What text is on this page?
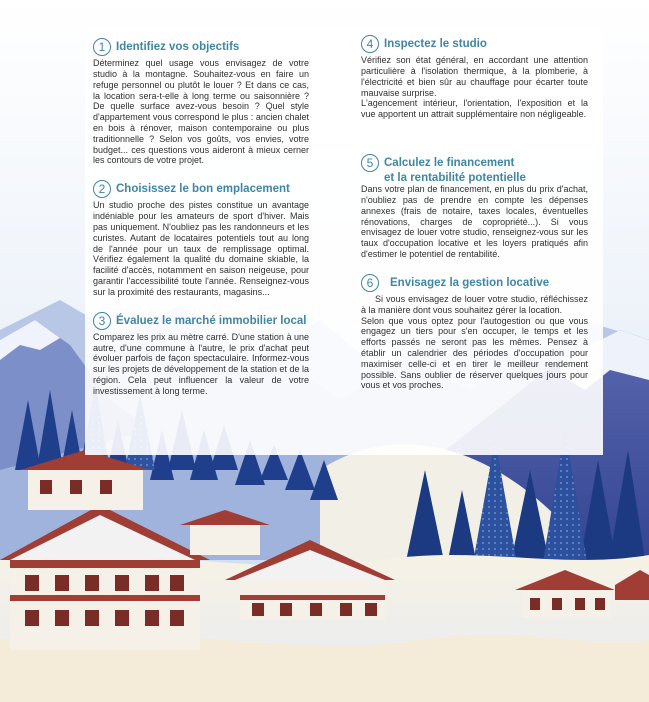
1 Identifiez vos objectifs

Déterminez quel usage vous envisagez de votre studio à la montagne. Souhaitez-vous en faire un refuge personnel ou plutôt le louer ? Et dans ce cas, la location sera-t-elle à long terme ou saisonnière ? De quelle surface avez-vous besoin ? Quel style d'appartement vous correspond le plus : ancien chalet en bois à rénover, maison contemporaine ou plus traditionnelle ? Selon vos goûts, vos envies, votre budget... ces questions vous aideront à mieux cerner les contours de votre projet.

2 Choisissez le bon emplacement

Un studio proche des pistes constitue un avantage indéniable pour les amateurs de sport d'hiver. Mais pas uniquement. N'oubliez pas les randonneurs et les curistes. Autant de locataires potentiels tout au long de l'année pour un taux de remplissage optimal. Vérifiez également la qualité du domaine skiable, la facilité d'accès, notamment en saison neigeuse, pour garantir l'accessibilité toute l'année. Renseignez-vous sur la proximité des restaurants, magasins...

3 Évaluez le marché immobilier local

Comparez les prix au mètre carré. D'une station à une autre, d'une commune à l'autre, le prix d'achat peut évoluer parfois de façon spectaculaire. Informez-vous sur les projets de développement de la station et de la région. Cela peut influencer la valeur de votre investissement à long terme.

4 Inspectez le studio

Vérifiez son état général, en accordant une attention particulière à l'isolation thermique, à la plomberie, à l'électricité et bien sûr au chauffage pour écarter toute mauvaise surprise.

L'agencement intérieur, l'orientation, l'exposition et la vue apportent un attrait supplémentaire non négligeable.

5 Calculez le financement
et la rentabilité potentielle

Dans votre plan de financement, en plus du prix d'achat, n'oubliez pas de prendre en compte les dépenses annexes (frais de notaire, taxes locales, éventuelles rénovations, charges de copropriété...). Si vous envisagez de louer votre studio, renseignez-vous sur les taux d'occupation locative et les loyers pratiqués afin d'estimer le potentiel de rentabilité.

6 Envisagez la gestion locative

Si vous envisagez de louer votre studio, réfléchissez à la manière dont vous souhaitez gérer la location.

Selon que vous optez pour l'autogestion ou que vous engagez un tiers pour s'en occuper, le temps et les efforts passés ne seront pas les mêmes. Pensez à établir un calendrier des périodes d'occupation pour maximiser celle-ci et en tirer le meilleur rendement possible. Sans oublier de réserver quelques jours pour vous et vos proches.
